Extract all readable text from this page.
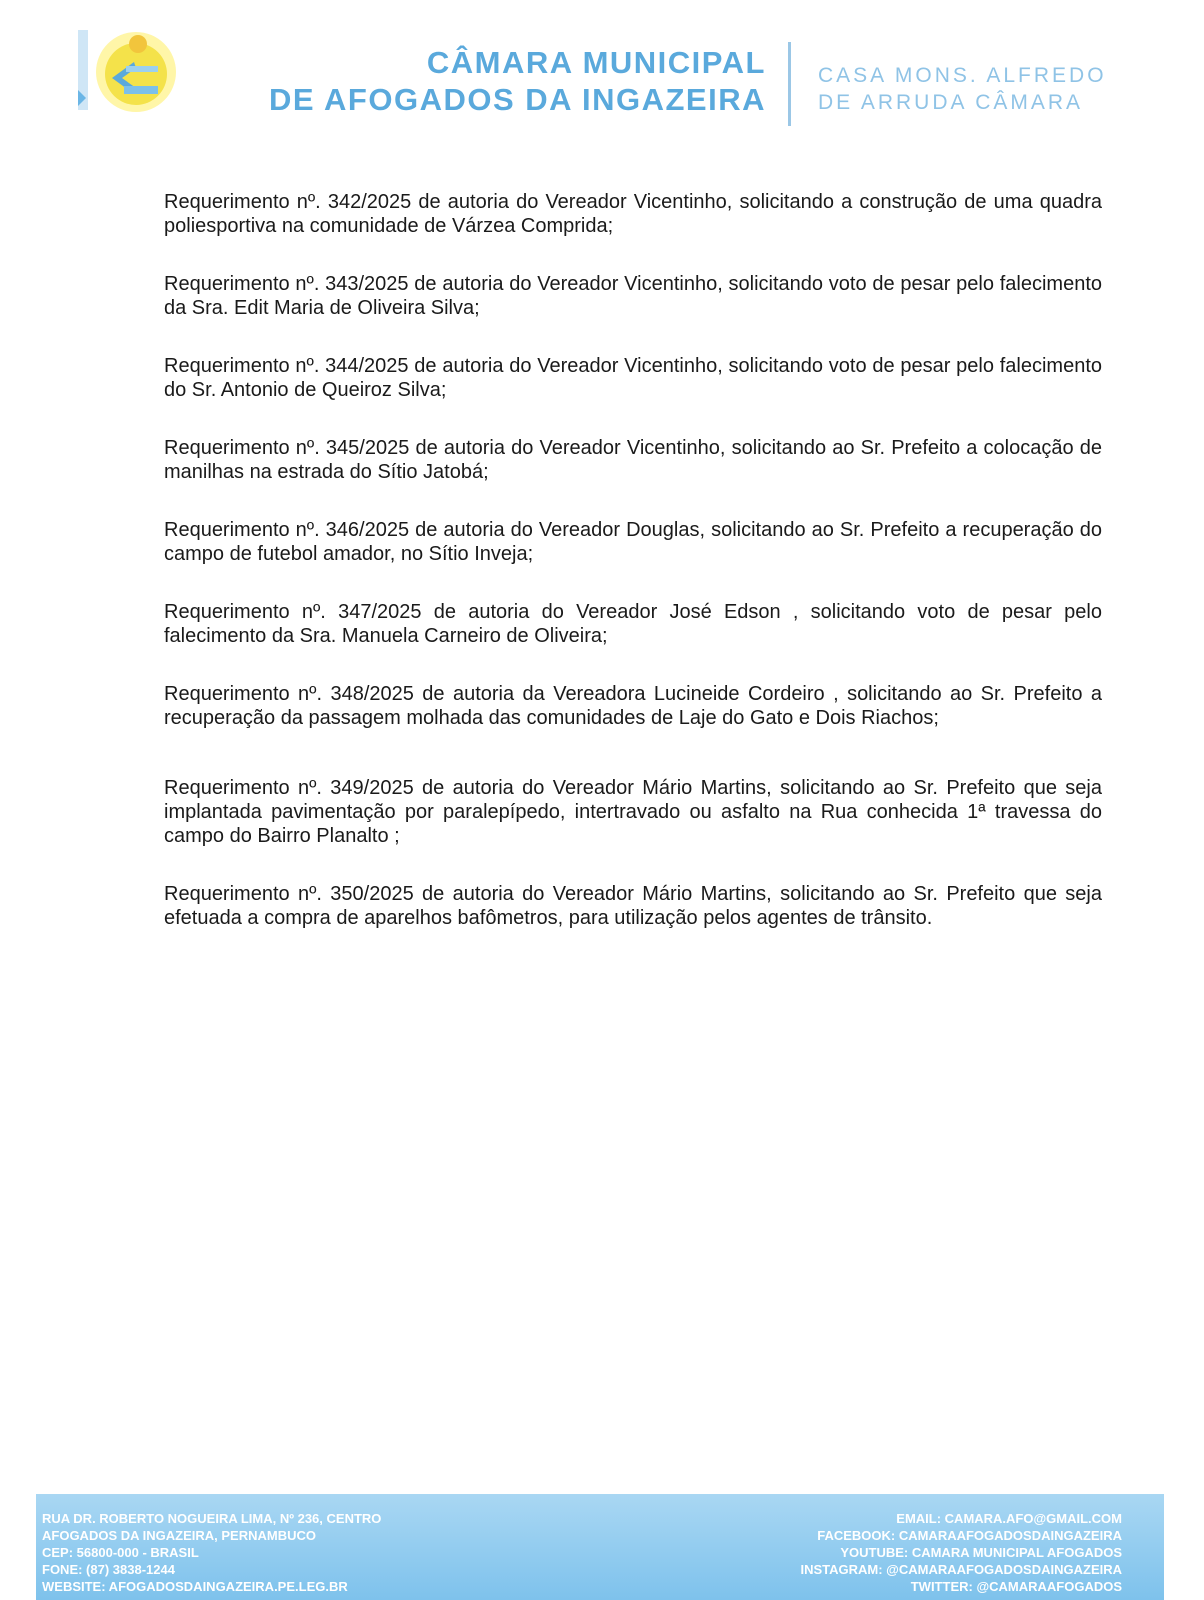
CÂMARA MUNICIPAL
DE AFOGADOS DA INGAZEIRA
CASA MONS. ALFREDO
DE ARRUDA CÂMARA

Requerimento nº. 342/2025 de autoria do Vereador Vicentinho, solicitando a construção de uma quadra poliesportiva na comunidade de Várzea Comprida;

Requerimento nº. 343/2025 de autoria do Vereador Vicentinho, solicitando voto de pesar pelo falecimento da Sra. Edit Maria de Oliveira Silva;

Requerimento nº. 344/2025 de autoria do Vereador Vicentinho, solicitando voto de pesar pelo falecimento do Sr. Antonio de Queiroz Silva;

Requerimento nº. 345/2025 de autoria do Vereador Vicentinho, solicitando ao Sr. Prefeito a colocação de manilhas na estrada do Sítio Jatobá;

Requerimento nº. 346/2025 de autoria do Vereador Douglas, solicitando ao Sr. Prefeito a recuperação do campo de futebol amador, no Sítio Inveja;

Requerimento nº. 347/2025 de autoria do Vereador José Edson , solicitando voto de pesar pelo falecimento da Sra. Manuela Carneiro de Oliveira;

Requerimento nº. 348/2025 de autoria da Vereadora Lucineide Cordeiro , solicitando ao Sr. Prefeito a recuperação da passagem molhada das comunidades de Laje do Gato e Dois Riachos;

Requerimento nº. 349/2025 de autoria do Vereador Mário Martins, solicitando ao Sr. Prefeito que seja implantada pavimentação por paralepípedo, intertravado ou asfalto na Rua conhecida 1ª travessa do campo do Bairro Planalto ;

Requerimento nº. 350/2025 de autoria do Vereador Mário Martins, solicitando ao Sr. Prefeito que seja efetuada a compra de aparelhos bafômetros, para utilização pelos agentes de trânsito.

RUA DR. ROBERTO NOGUEIRA LIMA, Nº 236, CENTRO
AFOGADOS DA INGAZEIRA, PERNAMBUCO
CEP: 56800-000 - BRASIL
FONE: (87) 3838-1244
WEBSITE: AFOGADOSDAINGAZEIRA.PE.LEG.BR
EMAIL: CAMARA.AFO@GMAIL.COM
FACEBOOK: CAMARAAFOGADOSDAINGAZEIRA
YOUTUBE: CAMARA MUNICIPAL AFOGADOS
INSTAGRAM: @CAMARAAFOGADOSDAINGAZEIRA
TWITTER: @CAMARAAFOGADOS
